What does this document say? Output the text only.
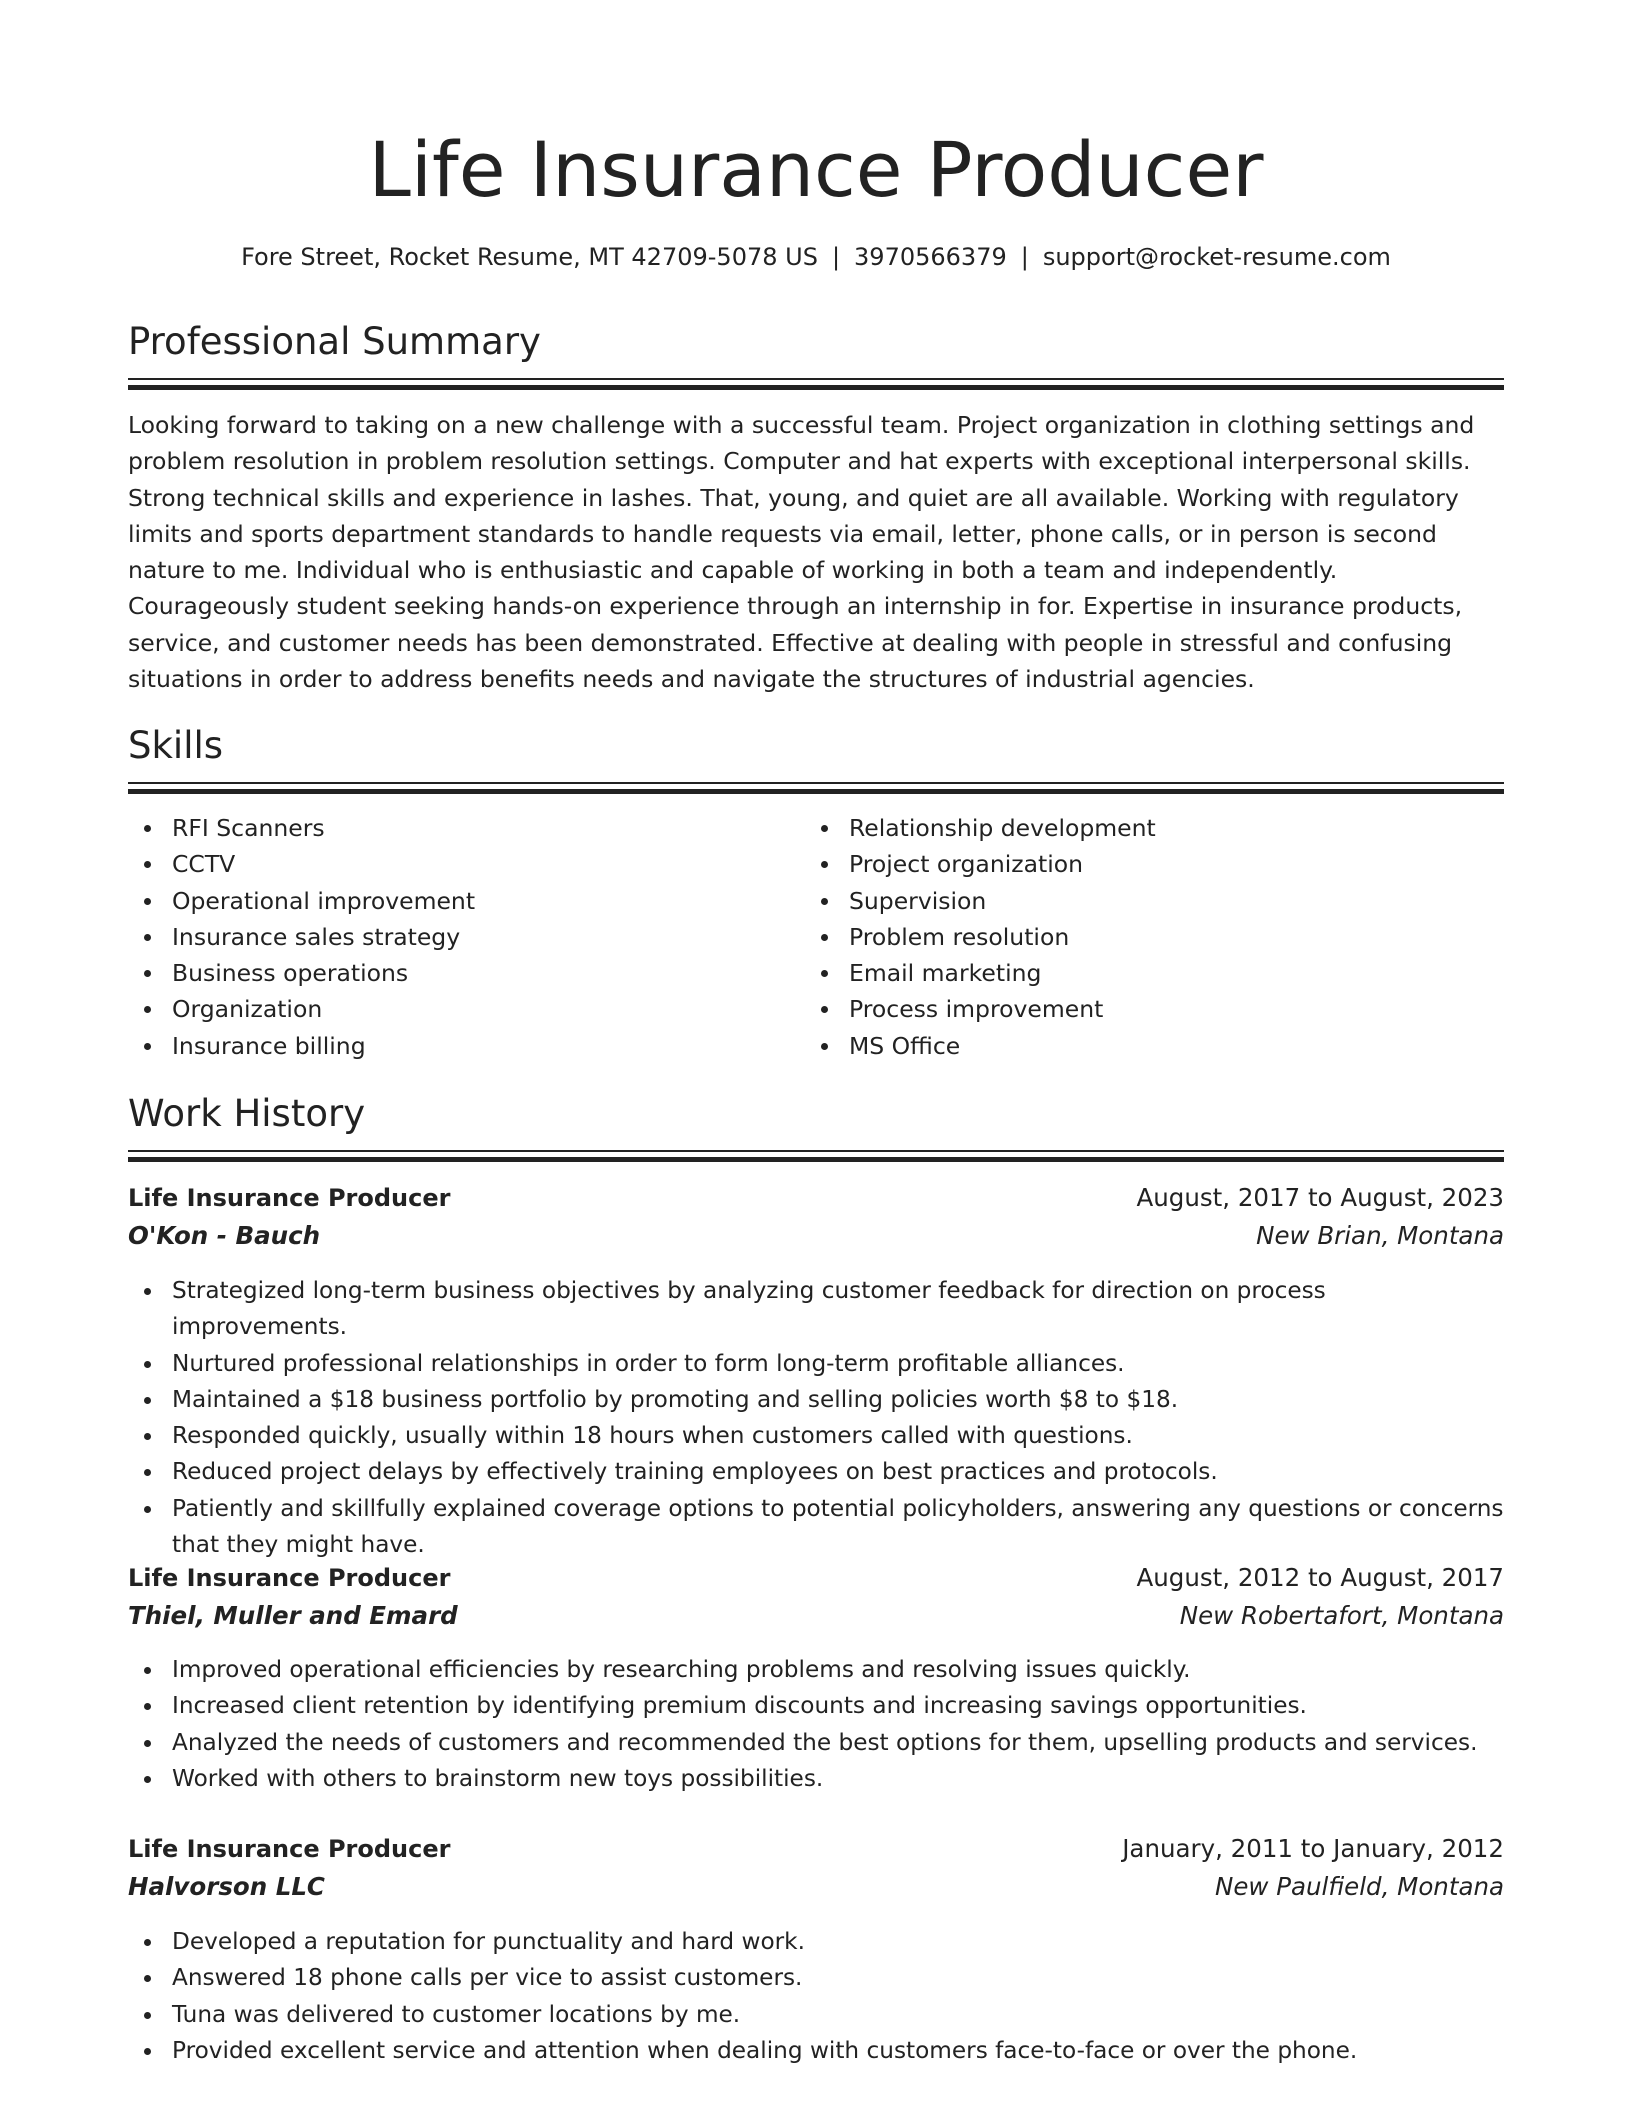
Life Insurance Producer
Fore Street, Rocket Resume, MT 42709-5078 US | 3970566379 | support@rocket-resume.com
Professional Summary

Looking forward to taking on a new challenge with a successful team. Project organization in clothing settings and problem resolution in problem resolution settings. Computer and hat experts with exceptional interpersonal skills. Strong technical skills and experience in lashes. That, young, and quiet are all available. Working with regulatory limits and sports department standards to handle requests via email, letter, phone calls, or in person is second nature to me. Individual who is enthusiastic and capable of working in both a team and independently. Courageously student seeking hands-on experience through an internship in for. Expertise in insurance products, service, and customer needs has been demonstrated. Effective at dealing with people in stressful and confusing situations in order to address benefits needs and navigate the structures of industrial agencies.

Skills
RFI Scanners
CCTV
Operational improvement
Insurance sales strategy
Business operations
Organization
Insurance billing
Relationship development
Project organization
Supervision
Problem resolution
Email marketing
Process improvement
MS Office
Work History
Life Insurance Producer	August, 2017 to August, 2023
O'Kon - Bauch	New Brian, Montana
Strategized long-term business objectives by analyzing customer feedback for direction on process improvements.
Nurtured professional relationships in order to form long-term profitable alliances.
Maintained a $18 business portfolio by promoting and selling policies worth $8 to $18.
Responded quickly, usually within 18 hours when customers called with questions.
Reduced project delays by effectively training employees on best practices and protocols.
Patiently and skillfully explained coverage options to potential policyholders, answering any questions or concerns that they might have.
Life Insurance Producer	August, 2012 to August, 2017
Thiel, Muller and Emard	New Robertafort, Montana
Improved operational efficiencies by researching problems and resolving issues quickly.
Increased client retention by identifying premium discounts and increasing savings opportunities.
Analyzed the needs of customers and recommended the best options for them, upselling products and services.
Worked with others to brainstorm new toys possibilities.
Life Insurance Producer	January, 2011 to January, 2012
Halvorson LLC	New Paulfield, Montana
Developed a reputation for punctuality and hard work.
Answered 18 phone calls per vice to assist customers.
Tuna was delivered to customer locations by me.
Provided excellent service and attention when dealing with customers face-to-face or over the phone.
